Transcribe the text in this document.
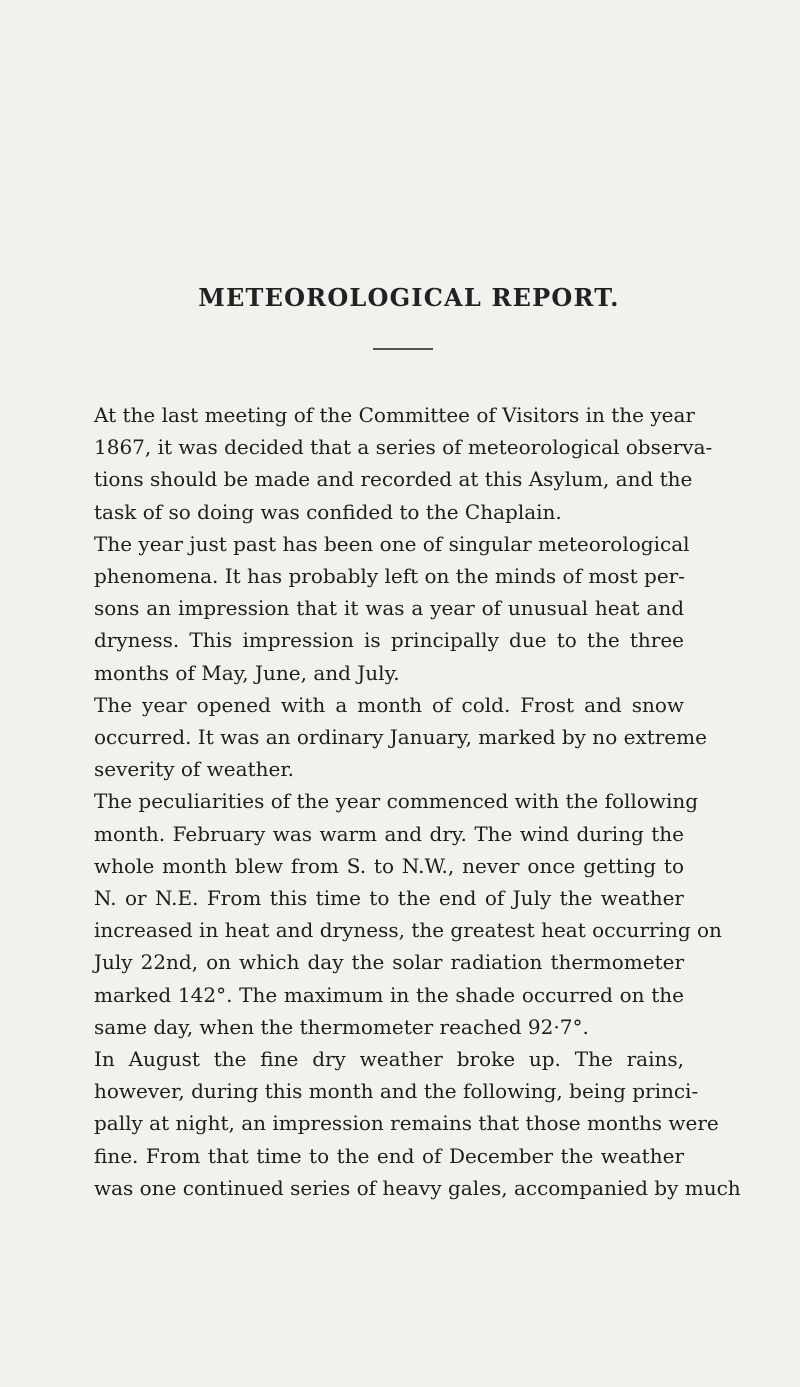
METEOROLOGICAL REPORT.
At the last meeting of the Committee of Visitors in the year
1867, it was decided that a series of meteorological observa-
tions should be made and recorded at this Asylum, and the
task of so doing was confided to the Chaplain.
The year just past has been one of singular meteorological
phenomena. It has probably left on the minds of most per-
sons an impression that it was a year of unusual heat and
dryness. This impression is principally due to the three
months of May, June, and July.
The year opened with a month of cold. Frost and snow
occurred. It was an ordinary January, marked by no extreme
severity of weather.
The peculiarities of the year commenced with the following
month. February was warm and dry. The wind during the
whole month blew from S. to N.W., never once getting to
N. or N.E. From this time to the end of July the weather
increased in heat and dryness, the greatest heat occurring on
July 22nd, on which day the solar radiation thermometer
marked 142°. The maximum in the shade occurred on the
same day, when the thermometer reached 92·7°.
In August the fine dry weather broke up. The rains,
however, during this month and the following, being princi-
pally at night, an impression remains that those months were
fine. From that time to the end of December the weather
was one continued series of heavy gales, accompanied by much
